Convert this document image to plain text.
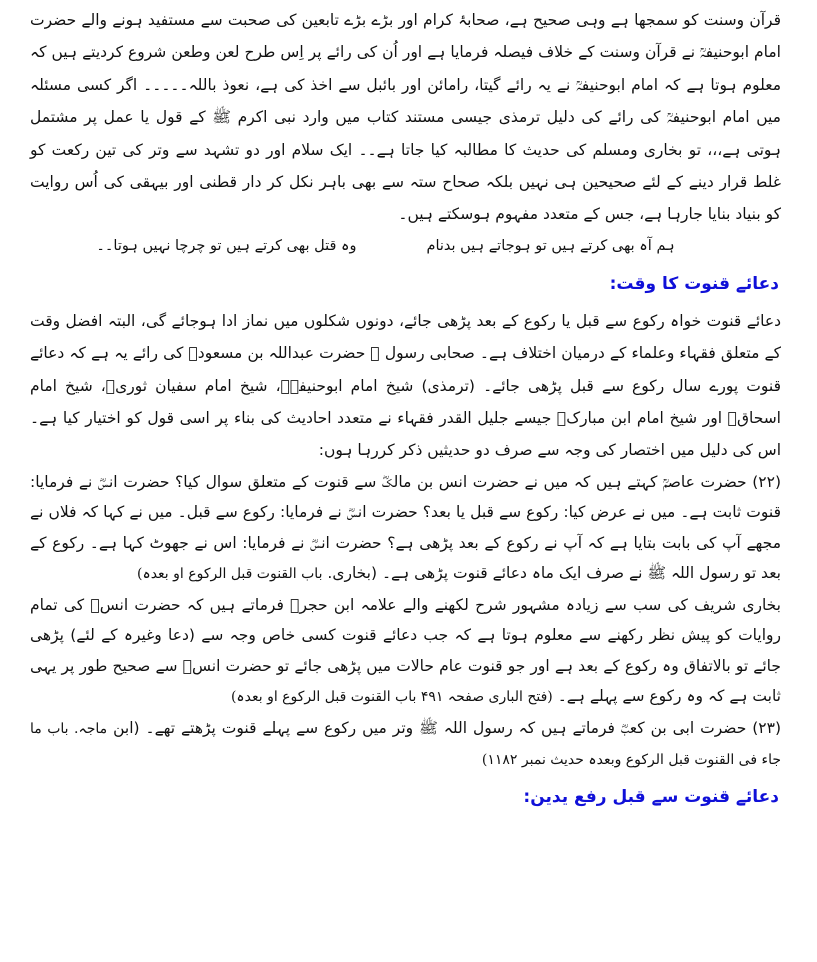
قرآن وسنت کو سمجھا ہے وہی صحیح ہے، صحابۂ کرام اور بڑے بڑے تابعین کی صحبت سے مستفید ہونے والے حضرت امام ابوحنیفہؒ نے قرآن وسنت کے خلاف فیصلہ فرمایا ہے اور اُن کی رائے پر اِس طرح لعن وطعن شروع کردیتے ہیں کہ معلوم ہوتا ہے کہ امام ابوحنیفہؒ نے یہ رائے گیتا، رامائن اور بائبل سے اخذ کی ہے، نعوذ باللہ۔۔۔۔۔ اگر کسی مسئلہ میں امام ابوحنیفہؒ کی رائے کی دلیل ترمذی جیسی مستند کتاب میں وارد نبی اکرم ﷺ کے قول یا عمل پر مشتمل ہوتی ہے،،، تو بخاری ومسلم کی حدیث کا مطالبہ کیا جاتا ہے۔۔ ایک سلام اور دو تشہد سے وتر کی تین رکعت کو غلط قرار دینے کے لئے صحیحین ہی نہیں بلکہ صحاح ستہ سے بھی باہر نکل کر دار قطنی اور بیہقی کی اُس روایت کو بنیاد بنایا جارہا ہے، جس کے متعدد مفہوم ہوسکتے ہیں۔

ہم آہ بھی کرتے ہیں تو ہوجاتے ہیں بدنام
وہ قتل بھی کرتے ہیں تو چرچا نہیں ہوتا۔۔
دعائے قنوت کا وقت:

دعائے قنوت خواہ رکوع سے قبل یا رکوع کے بعد پڑھی جائے، دونوں شکلوں میں نماز ادا ہوجائے گی، البتہ افضل وقت کے متعلق فقہاء وعلماء کے درمیان اختلاف ہے۔ صحابی رسول ﷺ حضرت عبداللہ بن مسعودؓ کی رائے یہ ہے کہ دعائے قنوت پورے سال رکوع سے قبل پڑھی جائے۔ (ترمذی) شیخ امام ابوحنیفہؒ، شیخ امام سفیان ثوریؒ، شیخ امام اسحاقؒ اور شیخ امام ابن مبارکؒ جیسے جلیل القدر فقہاء نے متعدد احادیث کی بناء پر اسی قول کو اختیار کیا ہے۔ اس کی دلیل میں اختصار کی وجہ سے صرف دو حدیثیں ذکر کررہا ہوں:

(۲۲) حضرت عاصمؒ کہتے ہیں کہ میں نے حضرت انس بن مالکؓ سے قنوت کے متعلق سوال کیا؟ حضرت انسؓ نے فرمایا: قنوت ثابت ہے۔ میں نے عرض کیا: رکوع سے قبل یا بعد؟ حضرت انسؓ نے فرمایا: رکوع سے قبل۔ میں نے کہا کہ فلاں نے مجھے آپ کی بابت بتایا ہے کہ آپ نے رکوع کے بعد پڑھی ہے؟ حضرت انسؓ نے فرمایا: اس نے جھوٹ کہا ہے۔ رکوع کے بعد تو رسول اللہ ﷺ نے صرف ایک ماہ دعائے قنوت پڑھی ہے۔ (بخاری. باب القنوت قبل الرکوع او بعدہ)

بخاری شریف کی سب سے زیادہ مشہور شرح لکھنے والے علامہ ابن حجرؒ فرماتے ہیں کہ حضرت انسؓ کی تمام روایات کو پیش نظر رکھنے سے معلوم ہوتا ہے کہ جب دعائے قنوت کسی خاص وجہ سے (دعا وغیرہ کے لئے) پڑھی جائے تو بالاتفاق وہ رکوع کے بعد ہے اور جو قنوت عام حالات میں پڑھی جائے تو حضرت انسؓ سے صحیح طور پر یہی ثابت ہے کہ وہ رکوع سے پہلے ہے۔ (فتح الباری صفحہ ۴۹۱ باب القنوت قبل الرکوع او بعدہ)

(۲۳) حضرت ابی بن کعبؓ فرماتے ہیں کہ رسول اللہ ﷺ وتر میں رکوع سے پہلے قنوت پڑھتے تھے۔ (ابن ماجہ. باب ما جاء فی القنوت قبل الرکوع وبعدہ حدیث نمبر ۱۱۸۲)

دعائے قنوت سے قبل رفع یدین:
